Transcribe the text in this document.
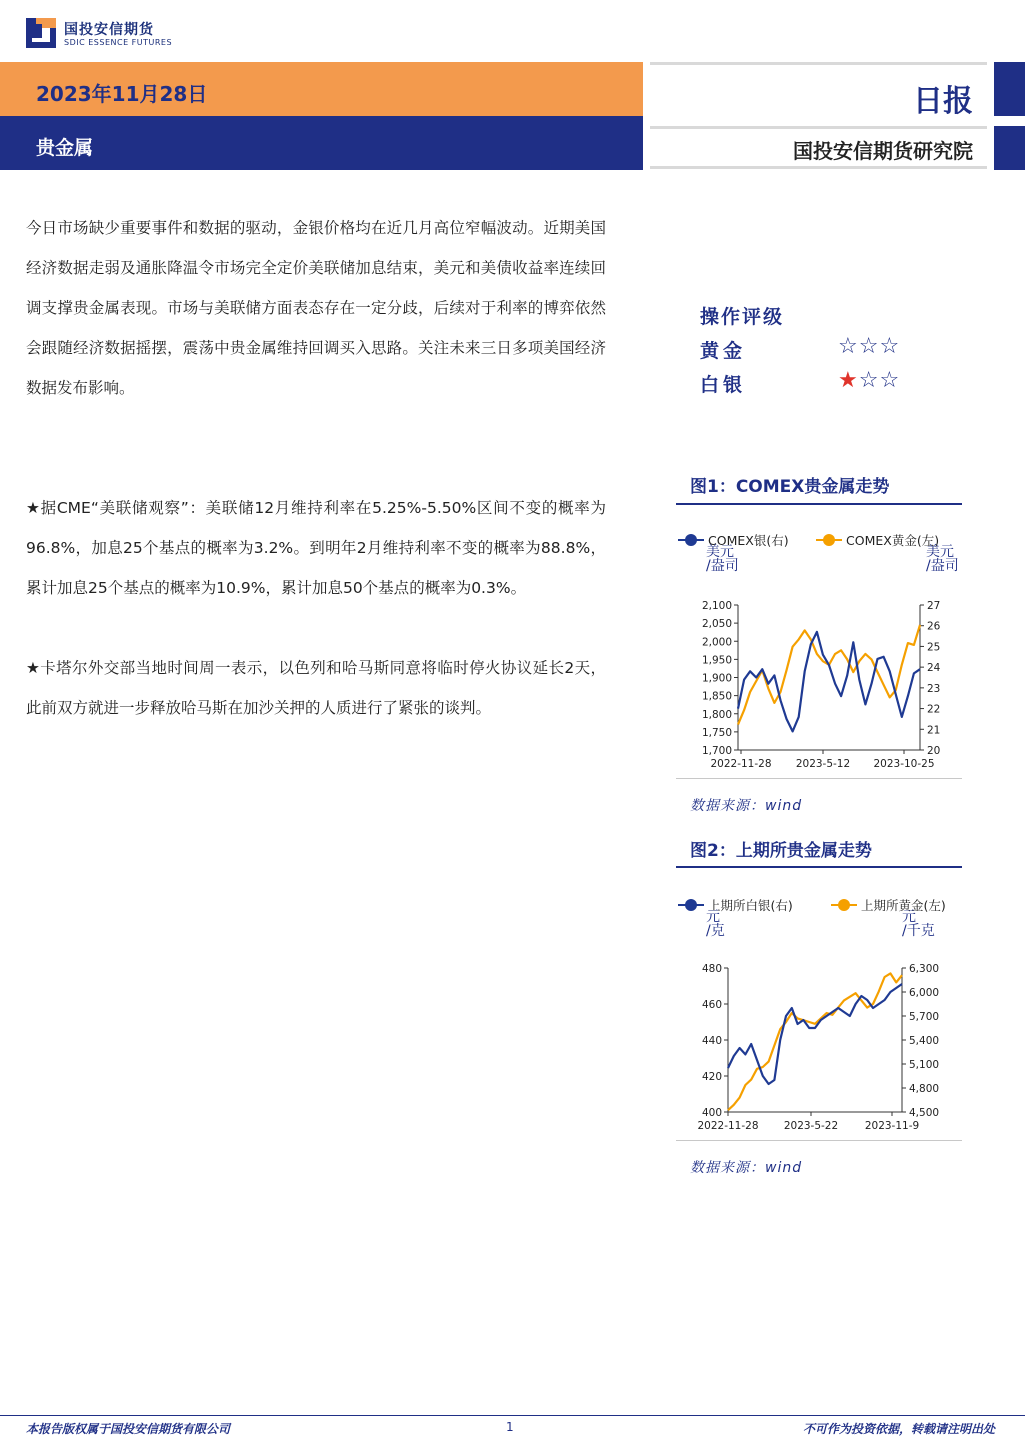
国投安信期货
SDIC ESSENCE FUTURES
2023年11月28日
贵金属
日报
国投安信期货研究院
今日市场缺少重要事件和数据的驱动，金银价格均在近几月高位窄幅波动。近期美国经济数据走弱及通胀降温令市场完全定价美联储加息结束，美元和美债收益率连续回调支撑贵金属表现。市场与美联储方面表态存在一定分歧，后续对于利率的博弈依然会跟随经济数据摇摆，震荡中贵金属维持回调买入思路。关注未来三日多项美国经济数据发布影响。
★据CME“美联储观察”：美联储12月维持利率在5.25%-5.50%区间不变的概率为96.8%，加息25个基点的概率为3.2%。到明年2月维持利率不变的概率为88.8%，累计加息25个基点的概率为10.9%，累计加息50个基点的概率为0.3%。
★卡塔尔外交部当地时间周一表示，以色列和哈马斯同意将临时停火协议延长2天，此前双方就进一步释放哈马斯在加沙关押的人质进行了紧张的谈判。
操作评级
黄金	☆☆☆
白银	★☆☆
图1：COMEX贵金属走势
COMEX银(右)	COMEX黄金(左)
美元
/盎司
美元
/盎司
2,100
2,050
2,000
1,950
1,900
1,850
1,800
1,750
1,700
27
26
25
24
23
22
21
20
2022-11-28 2023-5-12 2023-10-25
数据来源：wind
图2：上期所贵金属走势
上期所白银(右)	上期所黄金(左)
元
/克
元
/千克
480
460
440
420
400
6,300
6,000
5,700
5,400
5,100
4,800
4,500
2022-11-28 2023-5-22	2023-11-9
数据来源：wind
本报告版权属于国投安信期货有限公司	1	不可作为投资依据，转载请注明出处
